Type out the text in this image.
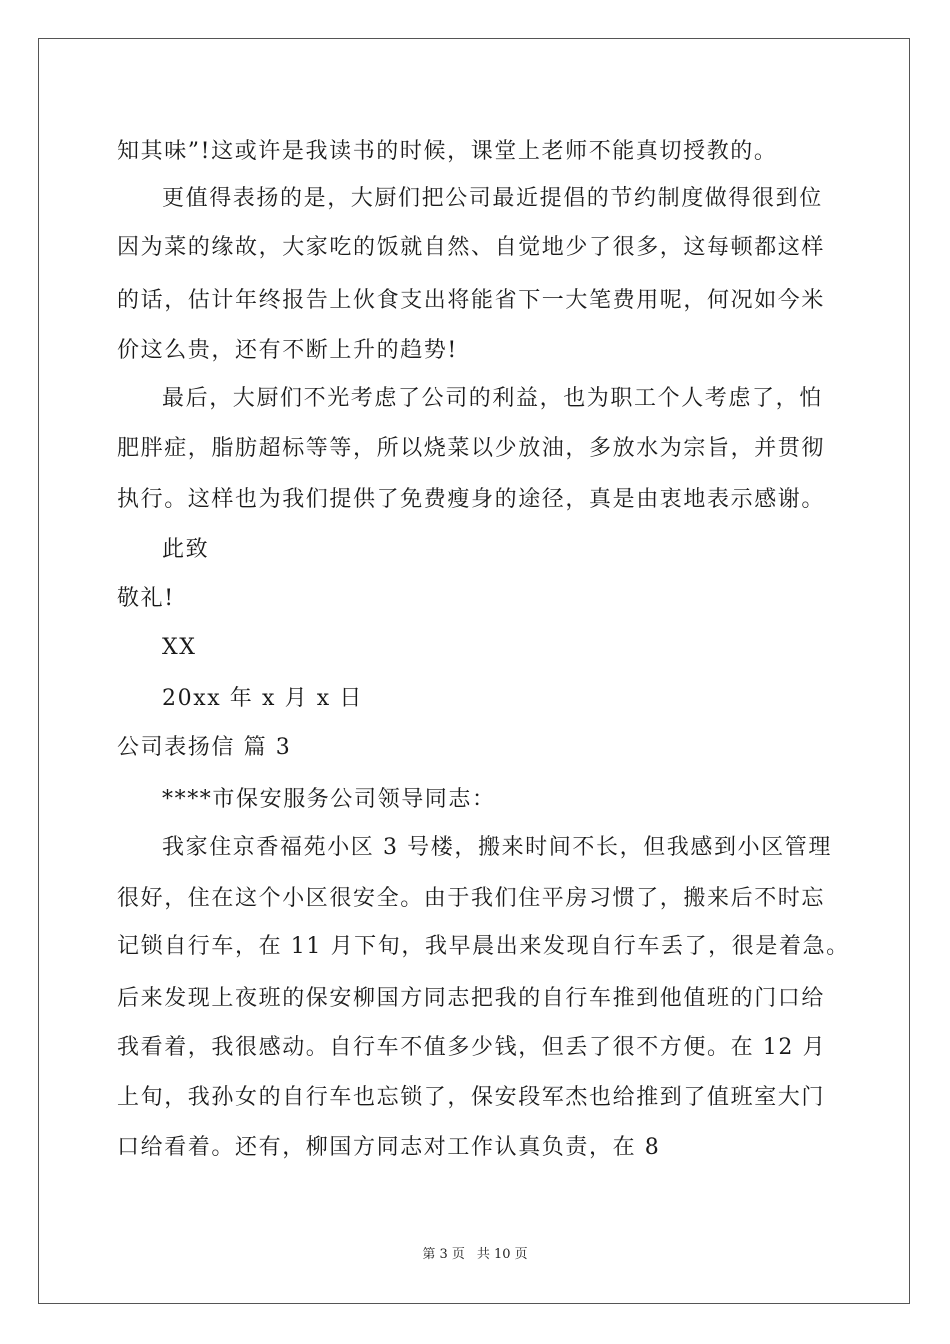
知其味”!这或许是我读书的时候，课堂上老师不能真切授教的。
更值得表扬的是，大厨们把公司最近提倡的节约制度做得很到位
因为菜的缘故，大家吃的饭就自然、自觉地少了很多，这每顿都这样
的话，估计年终报告上伙食支出将能省下一大笔费用呢，何况如今米
价这么贵，还有不断上升的趋势!
最后，大厨们不光考虑了公司的利益，也为职工个人考虑了，怕
肥胖症，脂肪超标等等，所以烧菜以少放油，多放水为宗旨，并贯彻
执行。这样也为我们提供了免费瘦身的途径，真是由衷地表示感谢。
此致
敬礼!
XX
20xx 年 x 月 x 日
公司表扬信 篇 3
****市保安服务公司领导同志：
我家住京香福苑小区 3 号楼，搬来时间不长，但我感到小区管理
很好，住在这个小区很安全。由于我们住平房习惯了，搬来后不时忘
记锁自行车，在 11 月下旬，我早晨出来发现自行车丢了，很是着急。
后来发现上夜班的保安柳国方同志把我的自行车推到他值班的门口给
我看着，我很感动。自行车不值多少钱，但丢了很不方便。在 12 月
上旬，我孙女的自行车也忘锁了，保安段军杰也给推到了值班室大门
口给看着。还有，柳国方同志对工作认真负责，在 8
第 3 页 共 10 页
